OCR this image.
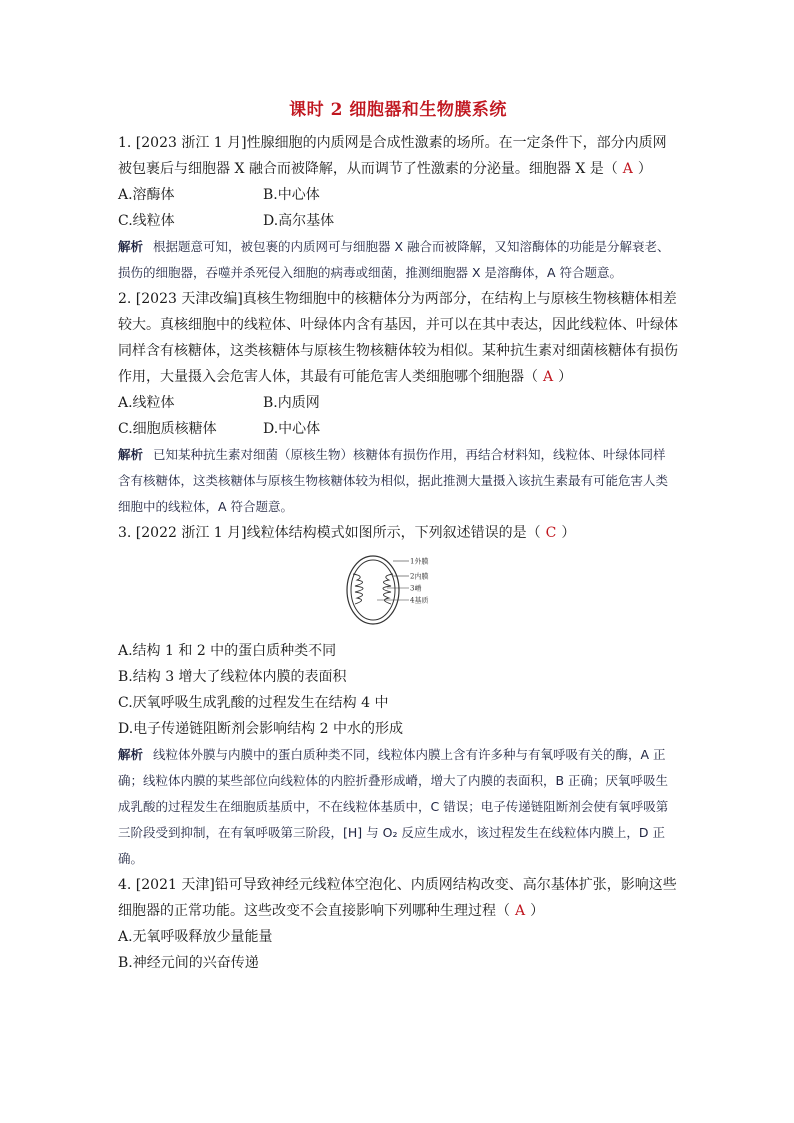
课时 2 细胞器和生物膜系统

1. [2023 浙江 1 月]性腺细胞的内质网是合成性激素的场所。在一定条件下，部分内质网被包裹后与细胞器 X 融合而被降解，从而调节了性激素的分泌量。细胞器 X 是（ A ）

A.溶酶体	B.中心体
C.线粒体	D.高尔基体

解析 根据题意可知，被包裹的内质网可与细胞器 X 融合而被降解，又知溶酶体的功能是分解衰老、损伤的细胞器，吞噬并杀死侵入细胞的病毒或细菌，推测细胞器 X 是溶酶体，A 符合题意。

2. [2023 天津改编]真核生物细胞中的核糖体分为两部分，在结构上与原核生物核糖体相差较大。真核细胞中的线粒体、叶绿体内含有基因，并可以在其中表达，因此线粒体、叶绿体同样含有核糖体，这类核糖体与原核生物核糖体较为相似。某种抗生素对细菌核糖体有损伤作用，大量摄入会危害人体，其最有可能危害人类细胞哪个细胞器（ A ）

A.线粒体	B.内质网
C.细胞质核糖体	D.中心体

解析 已知某种抗生素对细菌（原核生物）核糖体有损伤作用，再结合材料知，线粒体、叶绿体同样含有核糖体，这类核糖体与原核生物核糖体较为相似，据此推测大量摄入该抗生素最有可能危害人类细胞中的线粒体，A 符合题意。

3. [2022 浙江 1 月]线粒体结构模式如图所示，下列叙述错误的是（ C ）

1外膜
2内膜
3嵴
4基质
A.结构 1 和 2 中的蛋白质种类不同
B.结构 3 增大了线粒体内膜的表面积
C.厌氧呼吸生成乳酸的过程发生在结构 4 中
D.电子传递链阻断剂会影响结构 2 中水的形成

解析 线粒体外膜与内膜中的蛋白质种类不同，线粒体内膜上含有许多种与有氧呼吸有关的酶，A 正确；线粒体内膜的某些部位向线粒体的内腔折叠形成嵴，增大了内膜的表面积，B 正确；厌氧呼吸生成乳酸的过程发生在细胞质基质中，不在线粒体基质中，C 错误；电子传递链阻断剂会使有氧呼吸第三阶段受到抑制，在有氧呼吸第三阶段，[H] 与 O₂ 反应生成水，该过程发生在线粒体内膜上，D 正确。

4. [2021 天津]铅可导致神经元线粒体空泡化、内质网结构改变、高尔基体扩张，影响这些细胞器的正常功能。这些改变不会直接影响下列哪种生理过程（ A ）

A.无氧呼吸释放少量能量
B.神经元间的兴奋传递
